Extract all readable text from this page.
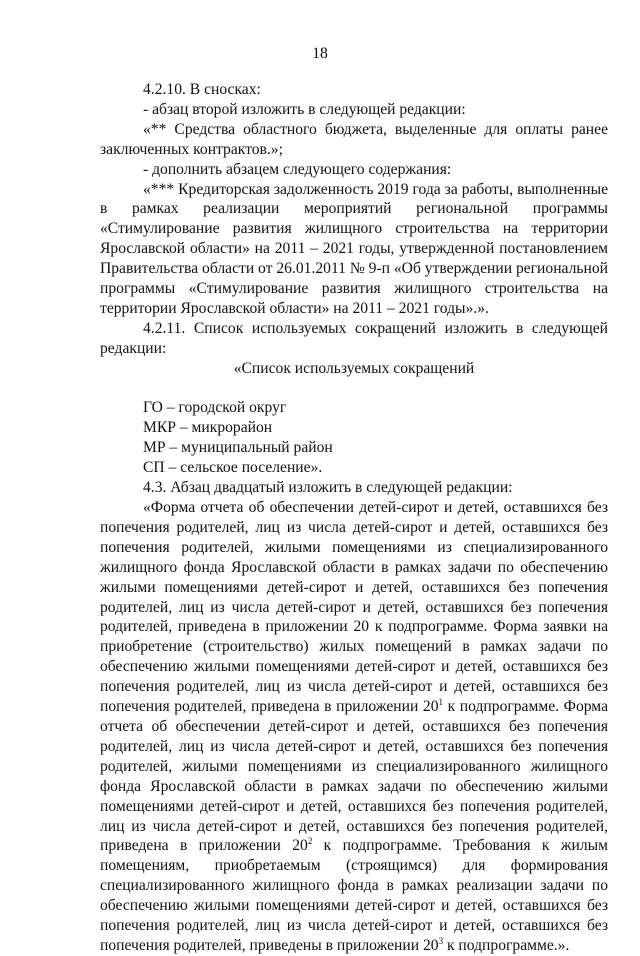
18

4.2.10. В сносках:

- абзац второй изложить в следующей редакции:

«** Средства областного бюджета, выделенные для оплаты ранее заключенных контрактов.»;

- дополнить абзацем следующего содержания:

«*** Кредиторская задолженность 2019 года за работы, выполненные в рамках реализации мероприятий региональной программы «Стимулирование развития жилищного строительства на территории Ярославской области» на 2011 – 2021 годы, утвержденной постановлением Правительства области от 26.01.2011 № 9-п «Об утверждении региональной программы «Стимулирование развития жилищного строительства на территории Ярославской области» на 2011 – 2021 годы».».

4.2.11. Список используемых сокращений изложить в следующей редакции:

«Список используемых сокращений

ГО – городской округ

МКР – микрорайон

МР – муниципальный район

СП – сельское поселение».

4.3. Абзац двадцатый изложить в следующей редакции:

«Форма отчета об обеспечении детей-сирот и детей, оставшихся без попечения родителей, лиц из числа детей-сирот и детей, оставшихся без попечения родителей, жилыми помещениями из специализированного жилищного фонда Ярославской области в рамках задачи по обеспечению жилыми помещениями детей-сирот и детей, оставшихся без попечения родителей, лиц из числа детей-сирот и детей, оставшихся без попечения родителей, приведена в приложении 20 к подпрограмме. Форма заявки на приобретение (строительство) жилых помещений в рамках задачи по обеспечению жилыми помещениями детей-сирот и детей, оставшихся без попечения родителей, лиц из числа детей-сирот и детей, оставшихся без попечения родителей, приведена в приложении $20^1$ к подпрограмме. Форма отчета об обеспечении детей-сирот и детей, оставшихся без попечения родителей, лиц из числа детей-сирот и детей, оставшихся без попечения родителей, жилыми помещениями из специализированного жилищного фонда Ярославской области в рамках задачи по обеспечению жилыми помещениями детей-сирот и детей, оставшихся без попечения родителей, лиц из числа детей-сирот и детей, оставшихся без попечения родителей, приведена в приложении $20^2$ к подпрограмме. Требования к жилым помещениям, приобретаемым (строящимся) для формирования специализированного жилищного фонда в рамках реализации задачи по обеспечению жилыми помещениями детей-сирот и детей, оставшихся без попечения родителей, лиц из числа детей-сирот и детей, оставшихся без попечения родителей, приведены в приложении $20^3$ к подпрограмме.».
